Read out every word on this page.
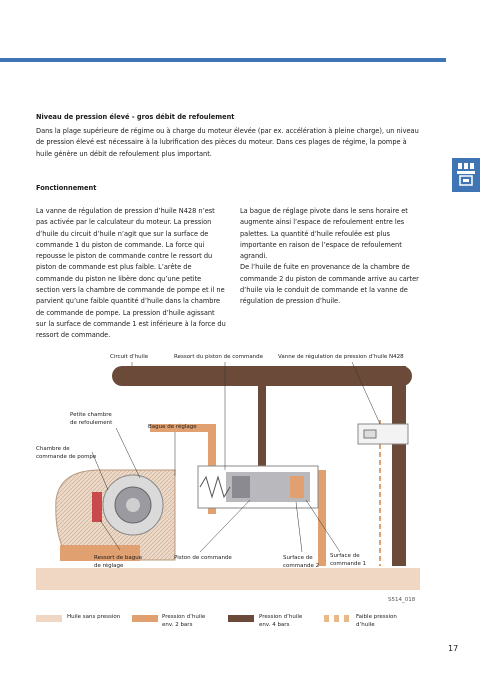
Niveau de pression élevé - gros débit de refoulement

Dans la plage supérieure de régime ou à charge du moteur élevée (par ex. accélération à pleine charge), un niveau de pression élevé est nécessaire à la lubrification des pièces du moteur. Dans ces plages de régime, la pompe à huile génère un débit de refoulement plus important.

Fonctionnement

La vanne de régulation de pression d’huile N428 n’est pas activée par le calculateur du moteur. La pression d’huile du circuit d’huile n’agit que sur la surface de commande 1 du piston de commande. La force qui repousse le piston de commande contre le ressort du piston de commande est plus faible. L’arête de commande du piston ne libère donc qu’une petite section vers la chambre de commande de pompe et il ne parvient qu’une faible quantité d’huile dans la chambre de commande de pompe. La pression d’huile agissant sur la surface de commande 1 est inférieure à la force du ressort de commande.

La bague de réglage pivote dans le sens horaire et augmente ainsi l’espace de refoulement entre les palettes. La quantité d’huile refoulée est plus importante en raison de l’espace de refoulement agrandi.

De l’huile de fuite en provenance de la chambre de commande 2 du piston de commande arrive au carter d’huile via le conduit de commande et la vanne de régulation de pression d’huile.

Circuit d’huile	Ressort du piston de commande	Vanne de régulation de pression d’huile N428
Petite chambre
de refoulement
Bague de réglage
Chambre de
commande de pompe
Ressort de bague
de réglage
Piston de commande	Surface de
commande 2
Surface de
commande 1
S514_018
Huile sans pression	Pression d’huile
env. 2 bars
Pression d’huile
env. 4 bars
Faible pression
d’huile
17
